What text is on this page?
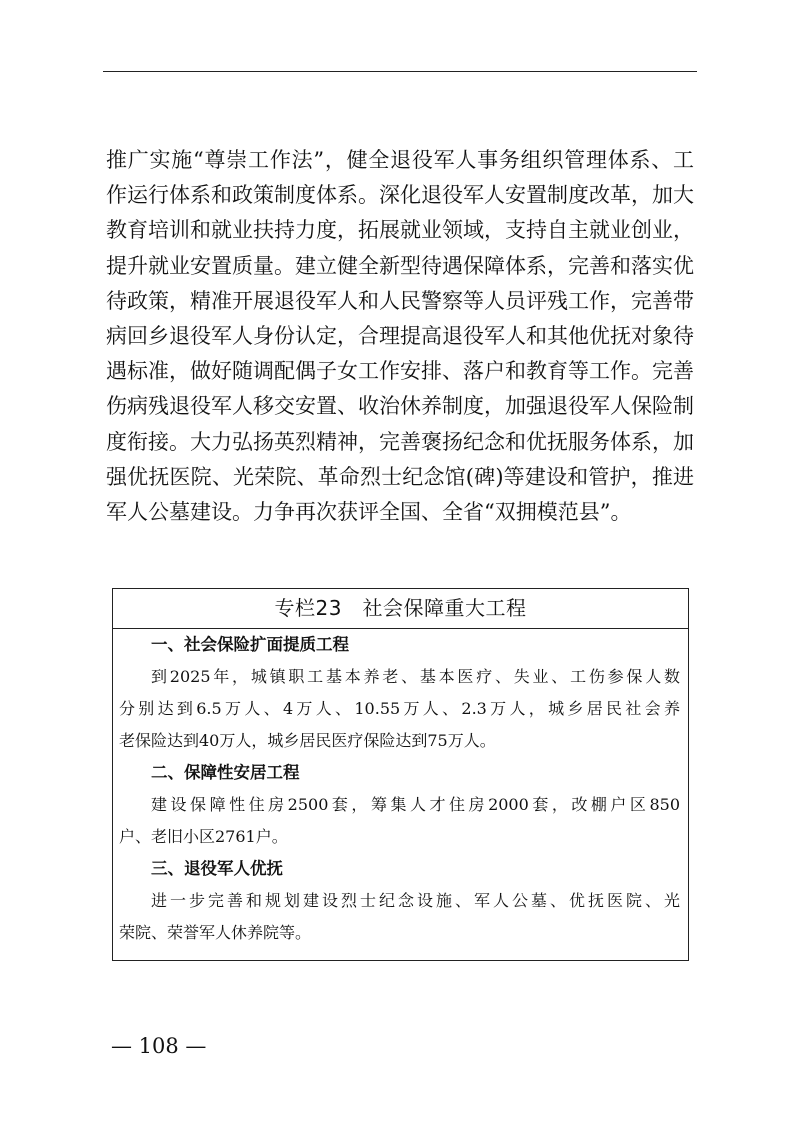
推广实施“尊崇工作法”，健全退役军人事务组织管理体系、工
作运行体系和政策制度体系。深化退役军人安置制度改革，加大
教育培训和就业扶持力度，拓展就业领域，支持自主就业创业，
提升就业安置质量。建立健全新型待遇保障体系，完善和落实优
待政策，精准开展退役军人和人民警察等人员评残工作，完善带
病回乡退役军人身份认定，合理提高退役军人和其他优抚对象待
遇标准，做好随调配偶子女工作安排、落户和教育等工作。完善
伤病残退役军人移交安置、收治休养制度，加强退役军人保险制
度衔接。大力弘扬英烈精神，完善褒扬纪念和优抚服务体系，加
强优抚医院、光荣院、革命烈士纪念馆(碑)等建设和管护，推进
军人公墓建设。力争再次获评全国、全省“双拥模范县”。
专栏23　社会保障重大工程
一、社会保险扩面提质工程
到2025年，城镇职工基本养老、基本医疗、失业、工伤参保人数
分别达到6.5万人、4万人、10.55万人、2.3万人，城乡居民社会养
老保险达到40万人，城乡居民医疗保险达到75万人。
二、保障性安居工程
建设保障性住房2500套，筹集人才住房2000套，改棚户区850
户、老旧小区2761户。
三、退役军人优抚
进一步完善和规划建设烈士纪念设施、军人公墓、优抚医院、光
荣院、荣誉军人休养院等。
— 108 —
